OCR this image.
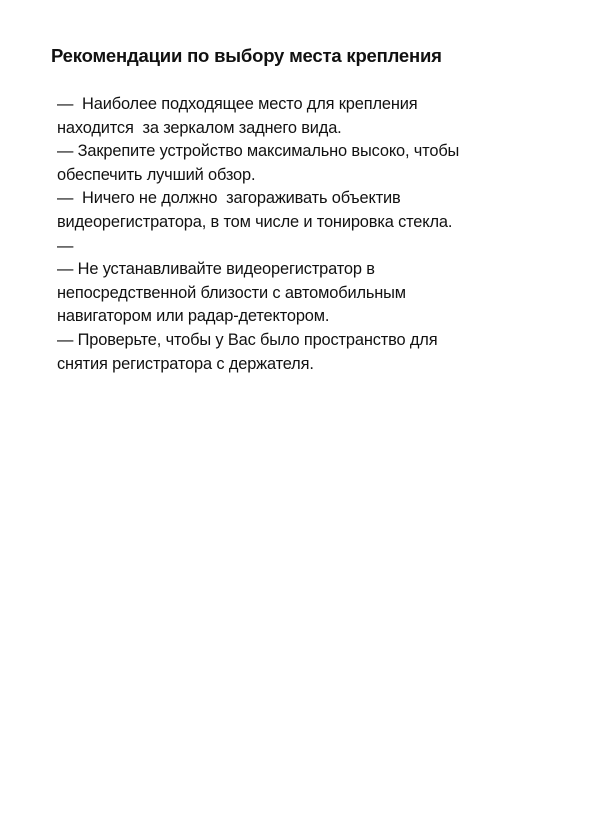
Рекомендации по выбору места крепления
—  Наиболее подходящее место для крепления
находится  за зеркалом заднего вида.
— Закрепите устройство максимально высоко, чтобы
обеспечить лучший обзор.
—  Ничего не должно  загораживать объектив
видеорегистратора, в том числе и тонировка стекла.
—
— Не устанавливайте видеорегистратор в
непосредственной близости с автомобильным
навигатором или радар-детектором.
— Проверьте, чтобы у Вас было пространство для
снятия регистратора с держателя.
